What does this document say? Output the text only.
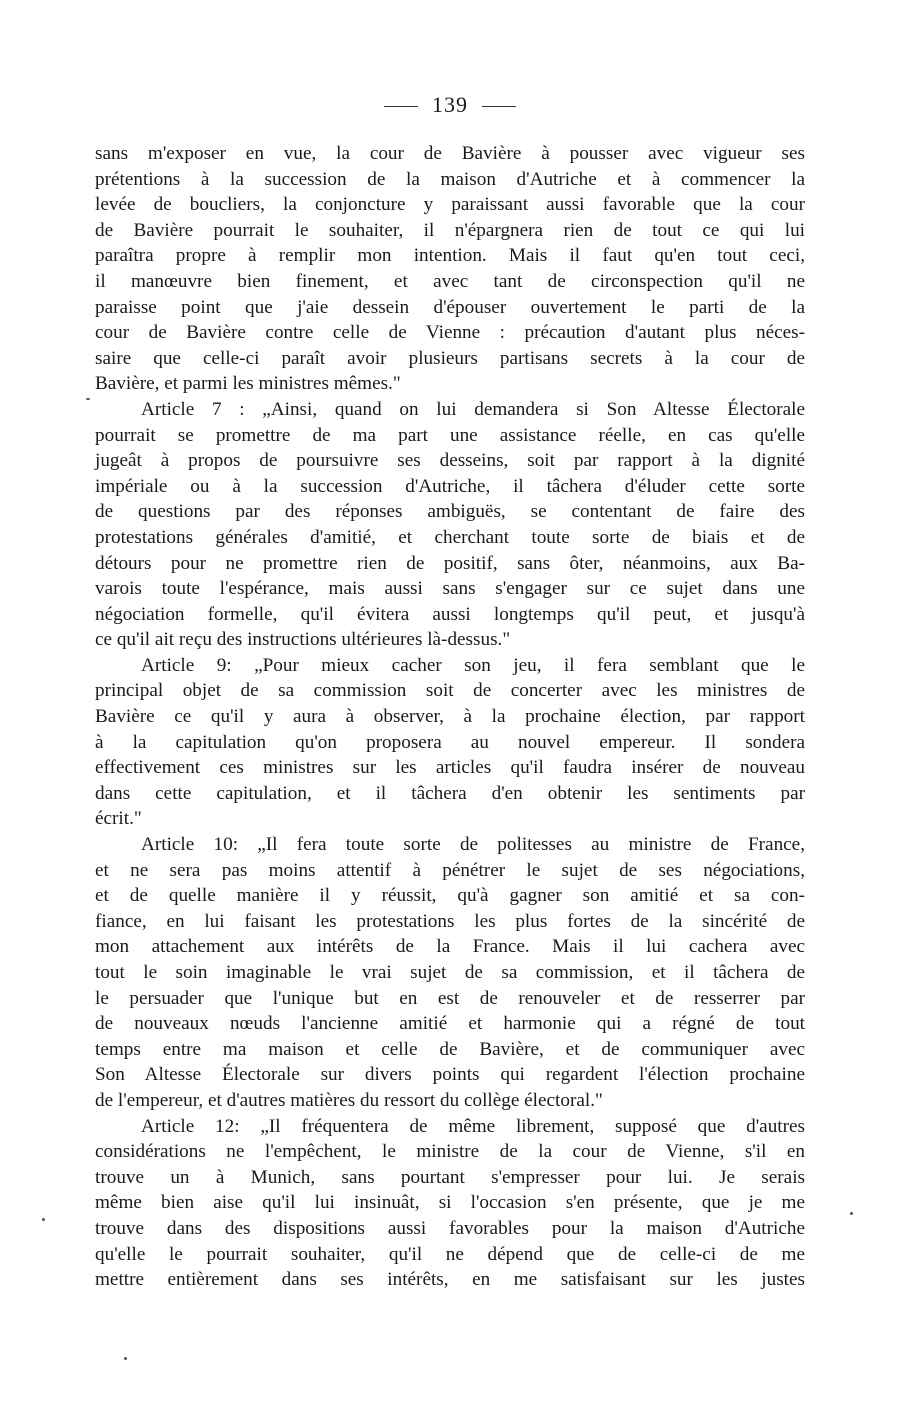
139

sans m'exposer en vue, la cour de Bavière à pousser avec vigueur ses

prétentions à la succession de la maison d'Autriche et à commencer la

levée de boucliers, la conjoncture y paraissant aussi favorable que la cour

de Bavière pourrait le souhaiter, il n'épargnera rien de tout ce qui lui

paraîtra propre à remplir mon intention. Mais il faut qu'en tout ceci,

il manœuvre bien finement, et avec tant de circonspection qu'il ne

paraisse point que j'aie dessein d'épouser ouvertement le parti de la

cour de Bavière contre celle de Vienne : précaution d'autant plus néces-

saire que celle-ci paraît avoir plusieurs partisans secrets à la cour de

Bavière, et parmi les ministres mêmes."

Article 7 : „Ainsi, quand on lui demandera si Son Altesse Électorale

pourrait se promettre de ma part une assistance réelle, en cas qu'elle

jugeât à propos de poursuivre ses desseins, soit par rapport à la dignité

impériale ou à la succession d'Autriche, il tâchera d'éluder cette sorte

de questions par des réponses ambiguës, se contentant de faire des

protestations générales d'amitié, et cherchant toute sorte de biais et de

détours pour ne promettre rien de positif, sans ôter, néanmoins, aux Ba-

varois toute l'espérance, mais aussi sans s'engager sur ce sujet dans une

négociation formelle, qu'il évitera aussi longtemps qu'il peut, et jusqu'à

ce qu'il ait reçu des instructions ultérieures là-dessus."

Article 9: „Pour mieux cacher son jeu, il fera semblant que le

principal objet de sa commission soit de concerter avec les ministres de

Bavière ce qu'il y aura à observer, à la prochaine élection, par rapport

à la capitulation qu'on proposera au nouvel empereur. Il sondera

effectivement ces ministres sur les articles qu'il faudra insérer de nouveau

dans cette capitulation, et il tâchera d'en obtenir les sentiments par

écrit."

Article 10: „Il fera toute sorte de politesses au ministre de France,

et ne sera pas moins attentif à pénétrer le sujet de ses négociations,

et de quelle manière il y réussit, qu'à gagner son amitié et sa con-

fiance, en lui faisant les protestations les plus fortes de la sincérité de

mon attachement aux intérêts de la France. Mais il lui cachera avec

tout le soin imaginable le vrai sujet de sa commission, et il tâchera de

le persuader que l'unique but en est de renouveler et de resserrer par

de nouveaux nœuds l'ancienne amitié et harmonie qui a régné de tout

temps entre ma maison et celle de Bavière, et de communiquer avec

Son Altesse Électorale sur divers points qui regardent l'élection prochaine

de l'empereur, et d'autres matières du ressort du collège électoral."

Article 12: „Il fréquentera de même librement, supposé que d'autres

considérations ne l'empêchent, le ministre de la cour de Vienne, s'il en

trouve un à Munich, sans pourtant s'empresser pour lui. Je serais

même bien aise qu'il lui insinuât, si l'occasion s'en présente, que je me

trouve dans des dispositions aussi favorables pour la maison d'Autriche

qu'elle le pourrait souhaiter, qu'il ne dépend que de celle-ci de me

mettre entièrement dans ses intérêts, en me satisfaisant sur les justes
